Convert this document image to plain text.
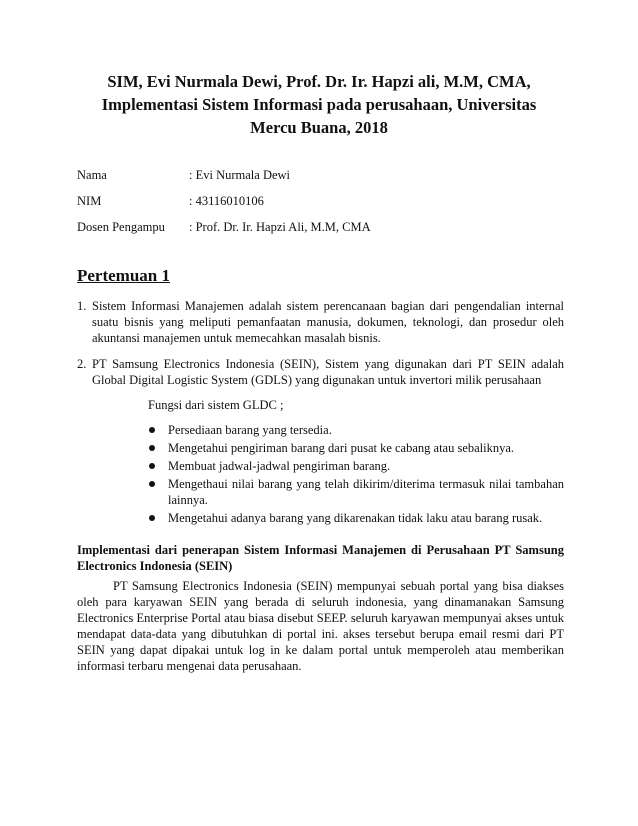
SIM, Evi Nurmala Dewi, Prof. Dr. Ir. Hapzi ali, M.M, CMA,
Implementasi Sistem Informasi pada perusahaan, Universitas
Mercu Buana, 2018
Nama	: Evi Nurmala Dewi
NIM	: 43116010106
Dosen Pengampu : Prof. Dr. Ir. Hapzi Ali, M.M, CMA
Pertemuan 1
1. Sistem Informasi Manajemen adalah sistem perencanaan bagian dari pengendalian internal suatu bisnis yang meliputi pemanfaatan manusia, dokumen, teknologi, dan prosedur oleh akuntansi manajemen untuk memecahkan masalah bisnis.
2. PT Samsung Electronics Indonesia (SEIN), Sistem yang digunakan dari PT SEIN adalah Global Digital Logistic System (GDLS) yang digunakan untuk invertori milik perusahaan
Fungsi dari sistem GLDC ;
Persediaan barang yang tersedia.
Mengetahui pengiriman barang dari pusat ke cabang atau sebaliknya.
Membuat jadwal-jadwal pengiriman barang.
Mengethaui nilai barang yang telah dikirim/diterima termasuk nilai tambahan lainnya.
Mengetahui adanya barang yang dikarenakan tidak laku atau barang rusak.
Implementasi dari penerapan Sistem Informasi Manajemen di Perusahaan PT Samsung Electronics Indonesia (SEIN)
PT Samsung Electronics Indonesia (SEIN) mempunyai sebuah portal yang bisa diakses oleh para karyawan SEIN yang berada di seluruh indonesia, yang dinamanakan Samsung Electronics Enterprise Portal atau biasa disebut SEEP. seluruh karyawan mempunyai akses untuk mendapat data-data yang dibutuhkan di portal ini. akses tersebut berupa email resmi dari PT SEIN yang dapat dipakai untuk log in ke dalam portal untuk memperoleh atau memberikan informasi terbaru mengenai data perusahaan.
